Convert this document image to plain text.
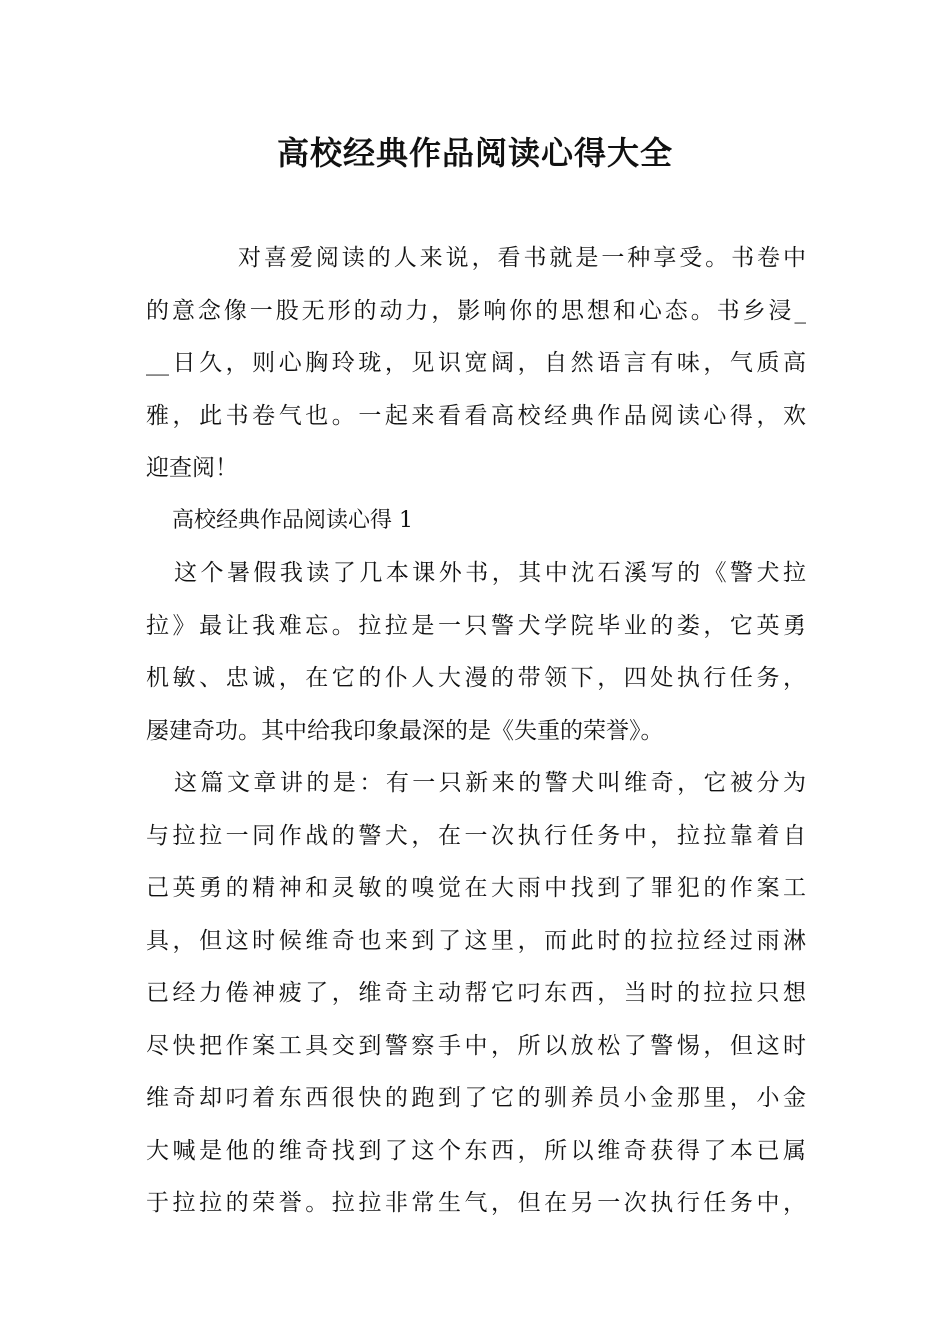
高校经典作品阅读心得大全
对喜爱阅读的人来说，看书就是一种享受。书卷中
的意念像一股无形的动力，影响你的思想和心态。书乡浸_
__日久，则心胸玲珑，见识宽阔，自然语言有味，气质高
雅，此书卷气也。一起来看看高校经典作品阅读心得，欢
迎查阅！
高校经典作品阅读心得 1
这个暑假我读了几本课外书，其中沈石溪写的《警犬拉
拉》最让我难忘。拉拉是一只警犬学院毕业的娄，它英勇
机敏、忠诚，在它的仆人大漫的带领下，四处执行任务，
屡建奇功。其中给我印象最深的是《失重的荣誉》。
这篇文章讲的是：有一只新来的警犬叫维奇，它被分为
与拉拉一同作战的警犬，在一次执行任务中，拉拉靠着自
己英勇的精神和灵敏的嗅觉在大雨中找到了罪犯的作案工
具，但这时候维奇也来到了这里，而此时的拉拉经过雨淋
已经力倦神疲了，维奇主动帮它叼东西，当时的拉拉只想
尽快把作案工具交到警察手中，所以放松了警惕，但这时
维奇却叼着东西很快的跑到了它的驯养员小金那里，小金
大喊是他的维奇找到了这个东西，所以维奇获得了本已属
于拉拉的荣誉。拉拉非常生气，但在另一次执行任务中，
